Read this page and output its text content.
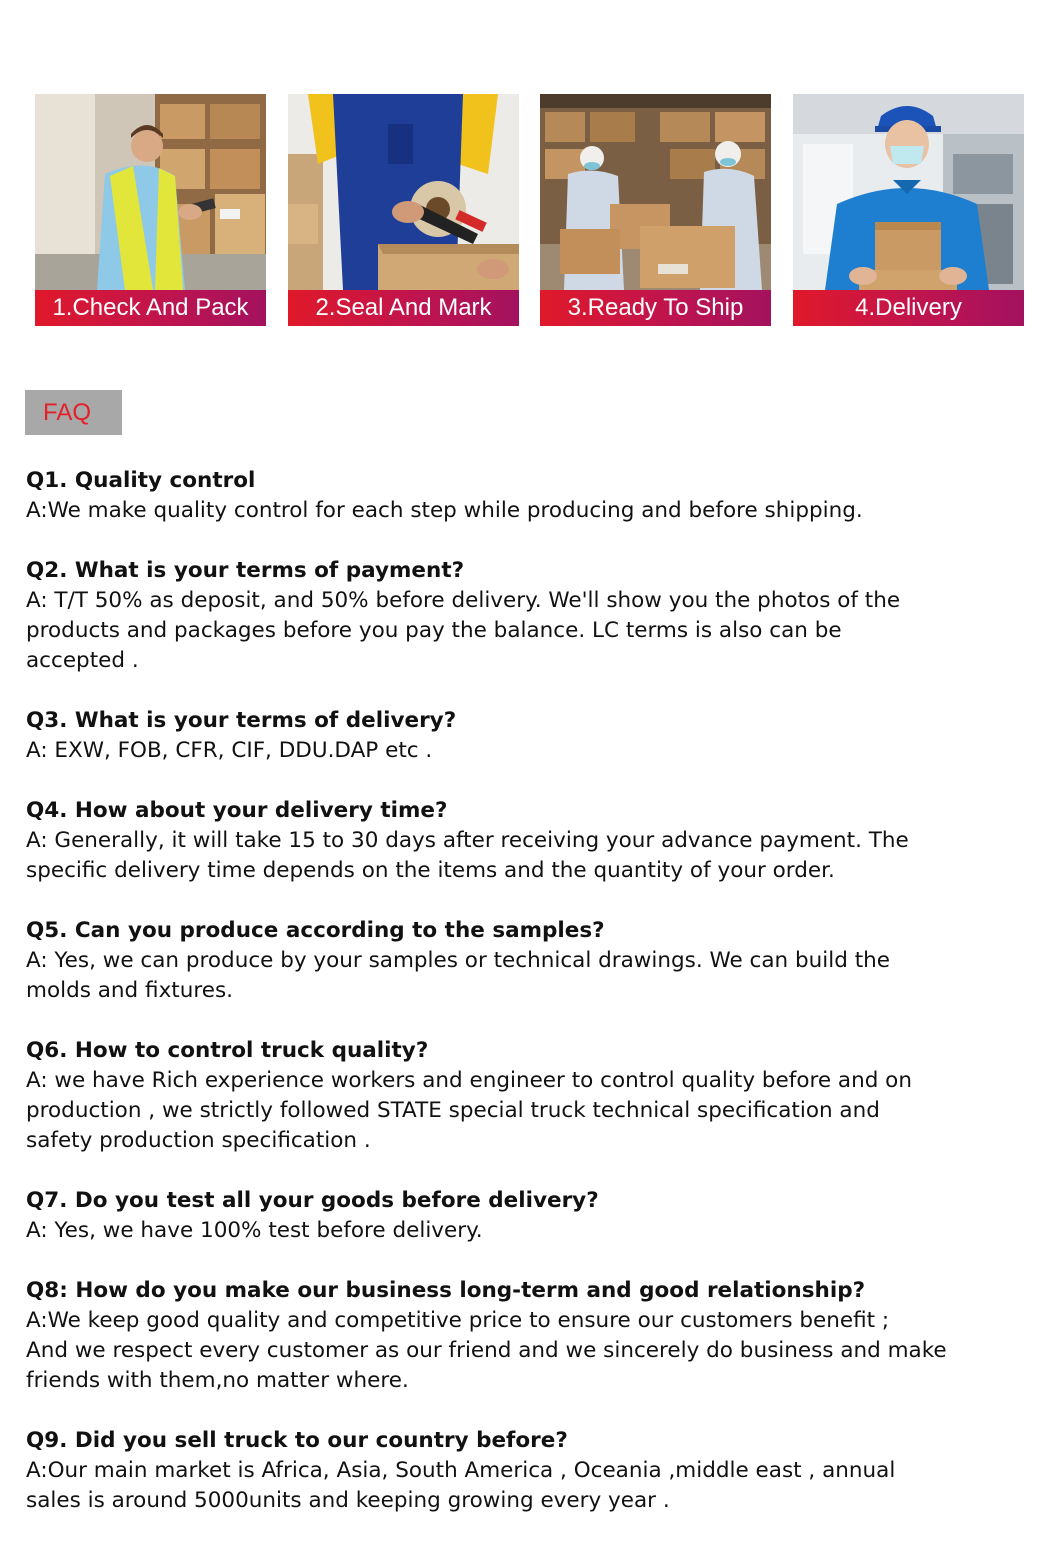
1.Check And Pack	2.Seal And Mark	3.Ready To Ship	4.Delivery
FAQ
Q1. Quality control
A:We make quality control for each step while producing and before shipping.
Q2. What is your terms of payment?
A: T/T 50% as deposit, and 50% before delivery. We'll show you the photos of the
products and packages before you pay the balance. LC terms is also can be
accepted .
Q3. What is your terms of delivery?
A: EXW, FOB, CFR, CIF, DDU.DAP etc .
Q4. How about your delivery time?
A: Generally, it will take 15 to 30 days after receiving your advance payment. The
specific delivery time depends on the items and the quantity of your order.
Q5. Can you produce according to the samples?
A: Yes, we can produce by your samples or technical drawings. We can build the
molds and fixtures.
Q6. How to control truck quality?
A: we have Rich experience workers and engineer to control quality before and on
production , we strictly followed STATE special truck technical specification and
safety production specification .
Q7. Do you test all your goods before delivery?
A: Yes, we have 100% test before delivery.
Q8: How do you make our business long-term and good relationship?
A:We keep good quality and competitive price to ensure our customers benefit ;
And we respect every customer as our friend and we sincerely do business and make
friends with them,no matter where.
Q9. Did you sell truck to our country before?
A:Our main market is Africa, Asia, South America , Oceania ,middle east , annual
sales is around 5000units and keeping growing every year .
